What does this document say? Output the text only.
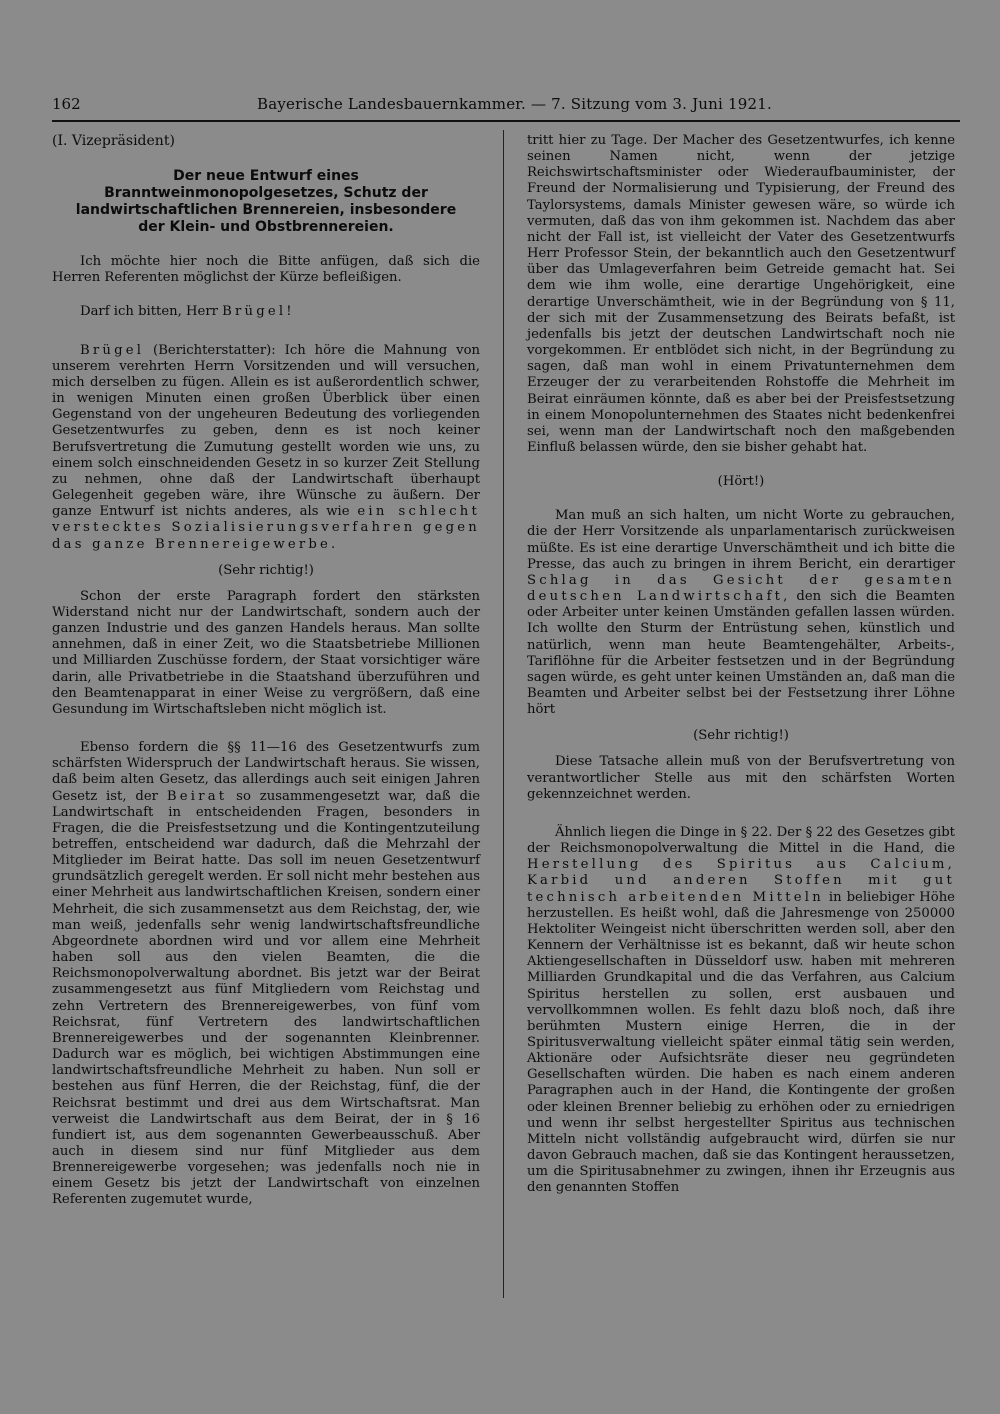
162	Bayerische Landesbauernkammer. — 7. Sitzung vom 3. Juni 1921.

(I. Vizepräsident)

Der neue Entwurf eines Branntweinmonopolgesetzes, Schutz der landwirtschaftlichen Brennereien, insbesondere der Klein- und Obstbrennereien.

Ich möchte hier noch die Bitte anfügen, daß sich die Herren Referenten möglichst der Kürze befleißigen.

Darf ich bitten, Herr Brügel!

Brügel (Berichterstatter): Ich höre die Mahnung von unserem verehrten Herrn Vorsitzenden und will versuchen, mich derselben zu fügen. Allein es ist außerordentlich schwer, in wenigen Minuten einen großen Überblick über einen Gegenstand von der ungeheuren Bedeutung des vorliegenden Gesetzentwurfes zu geben, denn es ist noch keiner Berufsvertretung die Zumutung gestellt worden wie uns, zu einem solch einschneidenden Gesetz in so kurzer Zeit Stellung zu nehmen, ohne daß der Landwirtschaft überhaupt Gelegenheit gegeben wäre, ihre Wünsche zu äußern. Der ganze Entwurf ist nichts anderes, als wie ein schlecht verstecktes Sozialisierungsverfahren gegen das ganze Brennereigewerbe.

(Sehr richtig!)

Schon der erste Paragraph fordert den stärksten Widerstand nicht nur der Landwirtschaft, sondern auch der ganzen Industrie und des ganzen Handels heraus. Man sollte annehmen, daß in einer Zeit, wo die Staatsbetriebe Millionen und Milliarden Zuschüsse fordern, der Staat vorsichtiger wäre darin, alle Privatbetriebe in die Staatshand überzuführen und den Beamtenapparat in einer Weise zu vergrößern, daß eine Gesundung im Wirtschaftsleben nicht möglich ist.

Ebenso fordern die §§ 11—16 des Gesetzentwurfs zum schärfsten Widerspruch der Landwirtschaft heraus. Sie wissen, daß beim alten Gesetz, das allerdings auch seit einigen Jahren Gesetz ist, der Beirat so zusammengesetzt war, daß die Landwirtschaft in entscheidenden Fragen, besonders in Fragen, die die Preisfestsetzung und die Kontingentzuteilung betreffen, entscheidend war dadurch, daß die Mehrzahl der Mitglieder im Beirat hatte. Das soll im neuen Gesetzentwurf grundsätzlich geregelt werden. Er soll nicht mehr bestehen aus einer Mehrheit aus landwirtschaftlichen Kreisen, sondern einer Mehrheit, die sich zusammensetzt aus dem Reichstag, der, wie man weiß, jedenfalls sehr wenig landwirtschaftsfreundliche Abgeordnete abordnen wird und vor allem eine Mehrheit haben soll aus den vielen Beamten, die die Reichsmonopolverwaltung abordnet. Bis jetzt war der Beirat zusammengesetzt aus fünf Mitgliedern vom Reichstag und zehn Vertretern des Brennereigewerbes, von fünf vom Reichsrat, fünf Vertretern des landwirtschaftlichen Brennereigewerbes und der sogenannten Kleinbrenner. Dadurch war es möglich, bei wichtigen Abstimmungen eine landwirtschaftsfreundliche Mehrheit zu haben. Nun soll er bestehen aus fünf Herren, die der Reichstag, fünf, die der Reichsrat bestimmt und drei aus dem Wirtschaftsrat. Man verweist die Landwirtschaft aus dem Beirat, der in § 16 fundiert ist, aus dem sogenannten Gewerbeausschuß. Aber auch in diesem sind nur fünf Mitglieder aus dem Brennereigewerbe vorgesehen; was jedenfalls noch nie in einem Gesetz bis jetzt der Landwirtschaft von einzelnen Referenten zugemutet wurde,

tritt hier zu Tage. Der Macher des Gesetzentwurfes, ich kenne seinen Namen nicht, wenn der jetzige Reichswirtschaftsminister oder Wiederaufbauminister, der Freund der Normalisierung und Typisierung, der Freund des Taylorsystems, damals Minister gewesen wäre, so würde ich vermuten, daß das von ihm gekommen ist. Nachdem das aber nicht der Fall ist, ist vielleicht der Vater des Gesetzentwurfs Herr Professor Stein, der bekanntlich auch den Gesetzentwurf über das Umlageverfahren beim Getreide gemacht hat. Sei dem wie ihm wolle, eine derartige Ungehörigkeit, eine derartige Unverschämtheit, wie in der Begründung von § 11, der sich mit der Zusammensetzung des Beirats befaßt, ist jedenfalls bis jetzt der deutschen Landwirtschaft noch nie vorgekommen. Er entblödet sich nicht, in der Begründung zu sagen, daß man wohl in einem Privatunternehmen dem Erzeuger der zu verarbeitenden Rohstoffe die Mehrheit im Beirat einräumen könnte, daß es aber bei der Preisfestsetzung in einem Monopolunternehmen des Staates nicht bedenkenfrei sei, wenn man der Landwirtschaft noch den maßgebenden Einfluß belassen würde, den sie bisher gehabt hat.

(Hört!)

Man muß an sich halten, um nicht Worte zu gebrauchen, die der Herr Vorsitzende als unparlamentarisch zurückweisen müßte. Es ist eine derartige Unverschämtheit und ich bitte die Presse, das auch zu bringen in ihrem Bericht, ein derartiger Schlag in das Gesicht der gesamten deutschen Landwirtschaft, den sich die Beamten oder Arbeiter unter keinen Umständen gefallen lassen würden. Ich wollte den Sturm der Entrüstung sehen, künstlich und natürlich, wenn man heute Beamtengehälter, Arbeits-, Tariflöhne für die Arbeiter festsetzen und in der Begründung sagen würde, es geht unter keinen Umständen an, daß man die Beamten und Arbeiter selbst bei der Festsetzung ihrer Löhne hört

(Sehr richtig!)

Diese Tatsache allein muß von der Berufsvertretung von verantwortlicher Stelle aus mit den schärfsten Worten gekennzeichnet werden.

Ähnlich liegen die Dinge in § 22. Der § 22 des Gesetzes gibt der Reichsmonopolverwaltung die Mittel in die Hand, die Herstellung des Spiritus aus Calcium, Karbid und anderen Stoffen mit gut technisch arbeitenden Mitteln in beliebiger Höhe herzustellen. Es heißt wohl, daß die Jahresmenge von 250000 Hektoliter Weingeist nicht überschritten werden soll, aber den Kennern der Verhältnisse ist es bekannt, daß wir heute schon Aktiengesellschaften in Düsseldorf usw. haben mit mehreren Milliarden Grundkapital und die das Verfahren, aus Calcium Spiritus herstellen zu sollen, erst ausbauen und vervollkommnen wollen. Es fehlt dazu bloß noch, daß ihre berühmten Mustern einige Herren, die in der Spiritusverwaltung vielleicht später einmal tätig sein werden, Aktionäre oder Aufsichtsräte dieser neu gegründeten Gesellschaften würden. Die haben es nach einem anderen Paragraphen auch in der Hand, die Kontingente der großen oder kleinen Brenner beliebig zu erhöhen oder zu erniedrigen und wenn ihr selbst hergestellter Spiritus aus technischen Mitteln nicht vollständig aufgebraucht wird, dürfen sie nur davon Gebrauch machen, daß sie das Kontingent heraussetzen, um die Spiritusabnehmer zu zwingen, ihnen ihr Erzeugnis aus den genannten Stoffen
